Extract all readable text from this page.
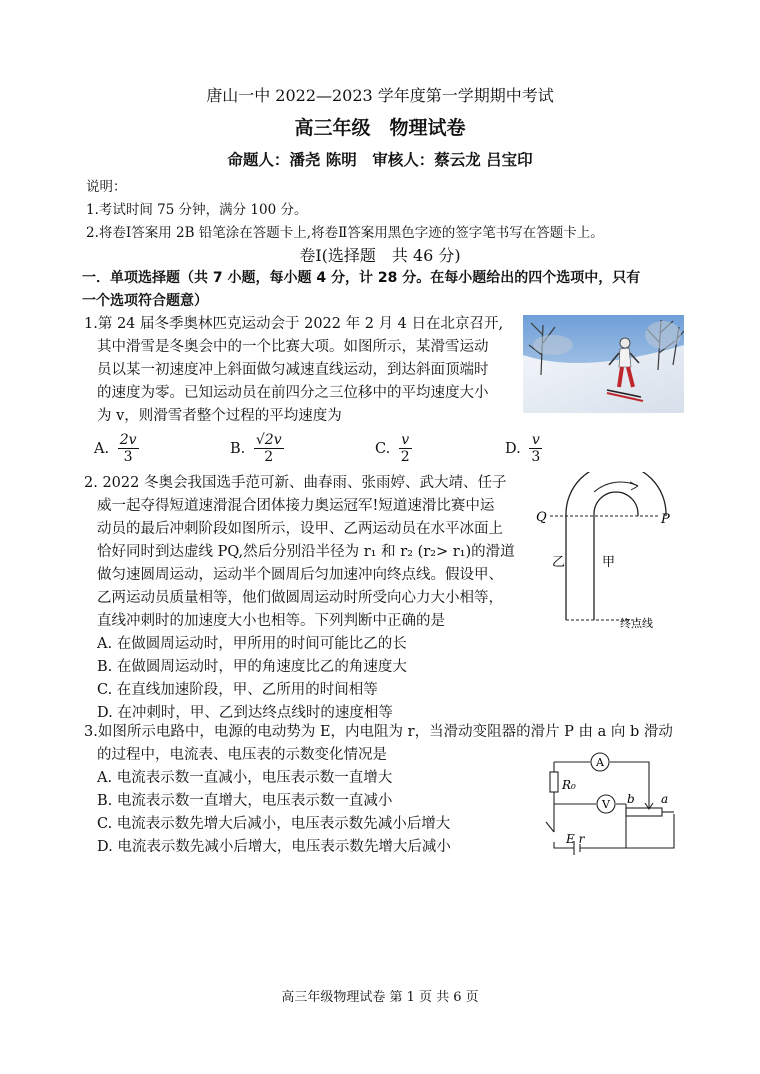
唐山一中 2022—2023 学年度第一学期期中考试
高三年级　物理试卷
命题人：潘尧 陈明　审核人：蔡云龙 吕宝印
说明：
1.考试时间 75 分钟，满分 100 分。
2.将卷Ⅰ答案用 2B 铅笔涂在答题卡上,将卷Ⅱ答案用黑色字迹的签字笔书写在答题卡上。
卷Ⅰ(选择题　共 46 分)
一．单项选择题（共 7 小题，每小题 4 分，计 28 分。在每小题给出的四个选项中，只有
一个选项符合题意）
1.第 24 届冬季奥林匹克运动会于 2022 年 2 月 4 日在北京召开,
其中滑雪是冬奥会中的一个比赛大项。如图所示，某滑雪运动
员以某一初速度冲上斜面做匀减速直线运动，到达斜面顶端时
的速度为零。已知运动员在前四分之三位移中的平均速度大小
为 v，则滑雪者整个过程的平均速度为
A. $\frac{2v}{3}$	B. $\frac{√2v}{2}$	C. $\frac{v}{2}$	D. $\frac{v}{3}$
2. 2022 冬奥会我国选手范可新、曲春雨、张雨婷、武大靖、任子
威一起夺得短道速滑混合团体接力奥运冠军!短道速滑比赛中运
动员的最后冲刺阶段如图所示，设甲、乙两运动员在水平冰面上
恰好同时到达虚线 PQ,然后分别沿半径为 r₁ 和 r₂ (r₂> r₁)的滑道
做匀速圆周运动，运动半个圆周后匀加速冲向终点线。假设甲、
乙两运动员质量相等，他们做圆周运动时所受向心力大小相等，
直线冲刺时的加速度大小也相等。下列判断中正确的是
A. 在做圆周运动时，甲所用的时间可能比乙的长
B. 在做圆周运动时，甲的角速度比乙的角速度大
C. 在直线加速阶段，甲、乙所用的时间相等
D. 在冲刺时，甲、乙到达终点线时的速度相等
Q	P
乙	甲
终点线
3.如图所示电路中，电源的电动势为 E，内电阻为 r，当滑动变阻器的滑片 P 由 a 向 b 滑动
的过程中，电流表、电压表的示数变化情况是
A. 电流表示数一直减小，电压表示数一直增大
B. 电流表示数一直增大，电压表示数一直减小
C. 电流表示数先增大后减小，电压表示数先减小后增大
D. 电流表示数先减小后增大，电压表示数先增大后减小
A
V
R₀
b a
E r
高三年级物理试卷 第 1 页 共 6 页
